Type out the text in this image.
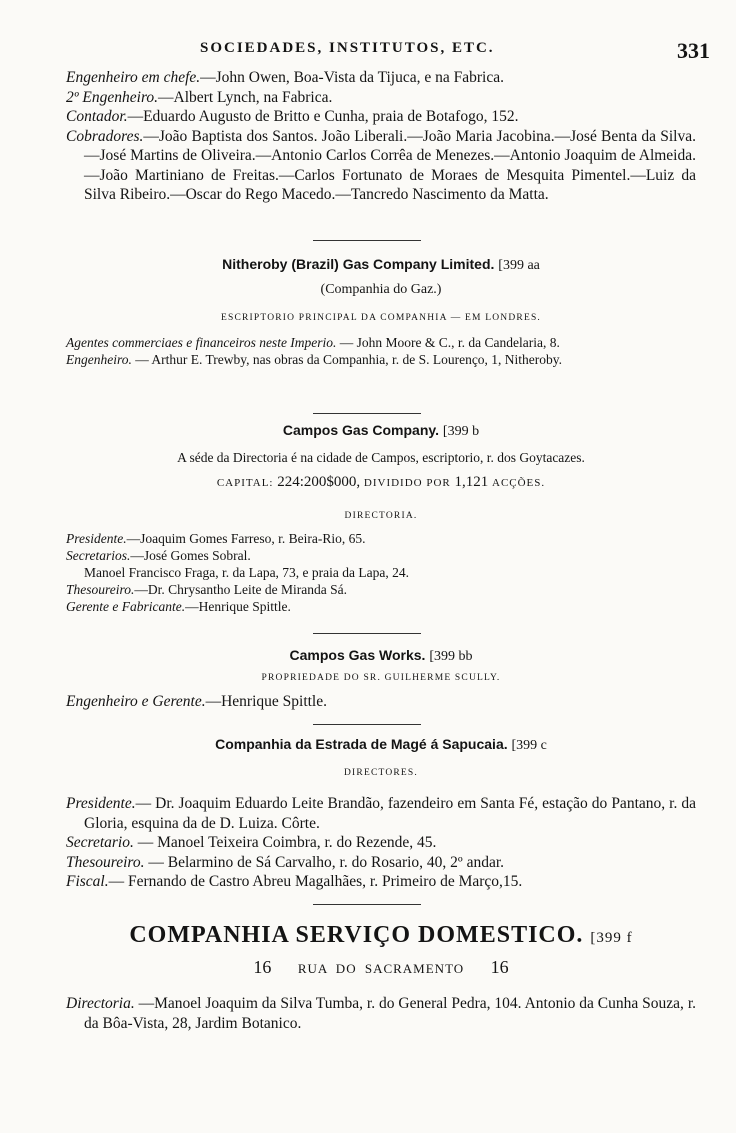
SOCIEDADES, INSTITUTOS, ETC.	331

Engenheiro em chefe.—John Owen, Boa-Vista da Tijuca, e na Fabrica.

2º Engenheiro.—Albert Lynch, na Fabrica.

Contador.—Eduardo Augusto de Britto e Cunha, praia de Botafogo, 152.

Cobradores.—João Baptista dos Santos. João Liberali.—João Maria Jacobina.—José Benta da Silva.—José Martins de Oliveira.—Antonio Carlos Corrêa de Menezes.—Antonio Joaquim de Almeida.—João Martiniano de Freitas.—Carlos Fortunato de Moraes de Mesquita Pimentel.—Luiz da Silva Ribeiro.—Oscar do Rego Macedo.—Tancredo Nascimento da Matta.

Nitheroby (Brazil) Gas Company Limited. [399 aa
(Companhia do Gaz.)
ESCRIPTORIO PRINCIPAL DA COMPANHIA — EM LONDRES.

Agentes commerciaes e financeiros neste Imperio. — John Moore & C., r. da Candelaria, 8.

Engenheiro. — Arthur E. Trewby, nas obras da Companhia, r. de S. Lourenço, 1, Nitheroby.

Campos Gas Company. [399 b
A séde da Directoria é na cidade de Campos, escriptorio, r. dos Goytacazes.
CAPITAL: 224:200$000, DIVIDIDO POR 1,121 ACÇÕES.
DIRECTORIA.

Presidente.—Joaquim Gomes Farreso, r. Beira-Rio, 65.

Secretarios.—José Gomes Sobral.

Manoel Francisco Fraga, r. da Lapa, 73, e praia da Lapa, 24.

Thesoureiro.—Dr. Chrysantho Leite de Miranda Sá.

Gerente e Fabricante.—Henrique Spittle.

Campos Gas Works. [399 bb
PROPRIEDADE DO SR. GUILHERME SCULLY.

Engenheiro e Gerente.—Henrique Spittle.

Companhia da Estrada de Magé á Sapucaia. [399 c
DIRECTORES.

Presidente.— Dr. Joaquim Eduardo Leite Brandão, fazendeiro em Santa Fé, estação do Pantano, r. da Gloria, esquina da de D. Luiza. Côrte.

Secretario. — Manoel Teixeira Coimbra, r. do Rezende, 45.

Thesoureiro. — Belarmino de Sá Carvalho, r. do Rosario, 40, 2º andar.

Fiscal.— Fernando de Castro Abreu Magalhães, r. Primeiro de Março,15.

COMPANHIA SERVIÇO DOMESTICO. [399 f
16 RUA DO SACRAMENTO 16

Directoria. —Manoel Joaquim da Silva Tumba, r. do General Pedra, 104. Antonio da Cunha Souza, r. da Bôa-Vista, 28, Jardim Botanico.
